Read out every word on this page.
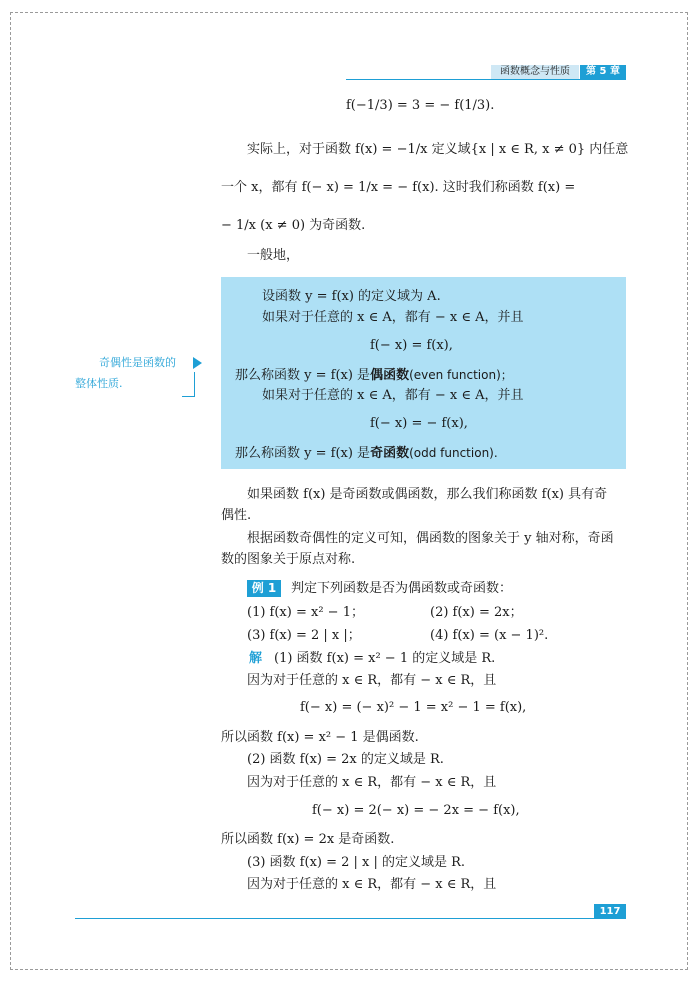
函数概念与性质	第 5 章
f(−1/3) = 3 = − f(1/3).
实际上，对于函数 f(x) = −1/x 定义域{x | x ∈ R, x ≠ 0} 内任意
一个 x，都有 f(− x) = 1/x = − f(x). 这时我们称函数 f(x) =
− 1/x (x ≠ 0) 为奇函数.
一般地，
设函数 y = f(x) 的定义域为 A.
如果对于任意的 x ∈ A，都有 − x ∈ A，并且
f(− x) = f(x),
那么称函数 y = f(x) 是偶函数(even function)；
如果对于任意的 x ∈ A，都有 − x ∈ A，并且
f(− x) = − f(x),
那么称函数 y = f(x) 是奇函数(odd function).
奇偶性是函数的
整体性质.
如果函数 f(x) 是奇函数或偶函数，那么我们称函数 f(x) 具有奇
偶性.
根据函数奇偶性的定义可知，偶函数的图象关于 y 轴对称，奇函
数的图象关于原点对称.
例 1	判定下列函数是否为偶函数或奇函数：
(1) f(x) = x² − 1；	(2) f(x) = 2x；
(3) f(x) = 2 | x |；	(4) f(x) = (x − 1)².
解 (1) 函数 f(x) = x² − 1 的定义域是 R.
因为对于任意的 x ∈ R，都有 − x ∈ R，且
f(− x) = (− x)² − 1 = x² − 1 = f(x),
所以函数 f(x) = x² − 1 是偶函数.
(2) 函数 f(x) = 2x 的定义域是 R.
因为对于任意的 x ∈ R，都有 − x ∈ R，且
f(− x) = 2(− x) = − 2x = − f(x),
所以函数 f(x) = 2x 是奇函数.
(3) 函数 f(x) = 2 | x | 的定义域是 R.
因为对于任意的 x ∈ R，都有 − x ∈ R，且
117
